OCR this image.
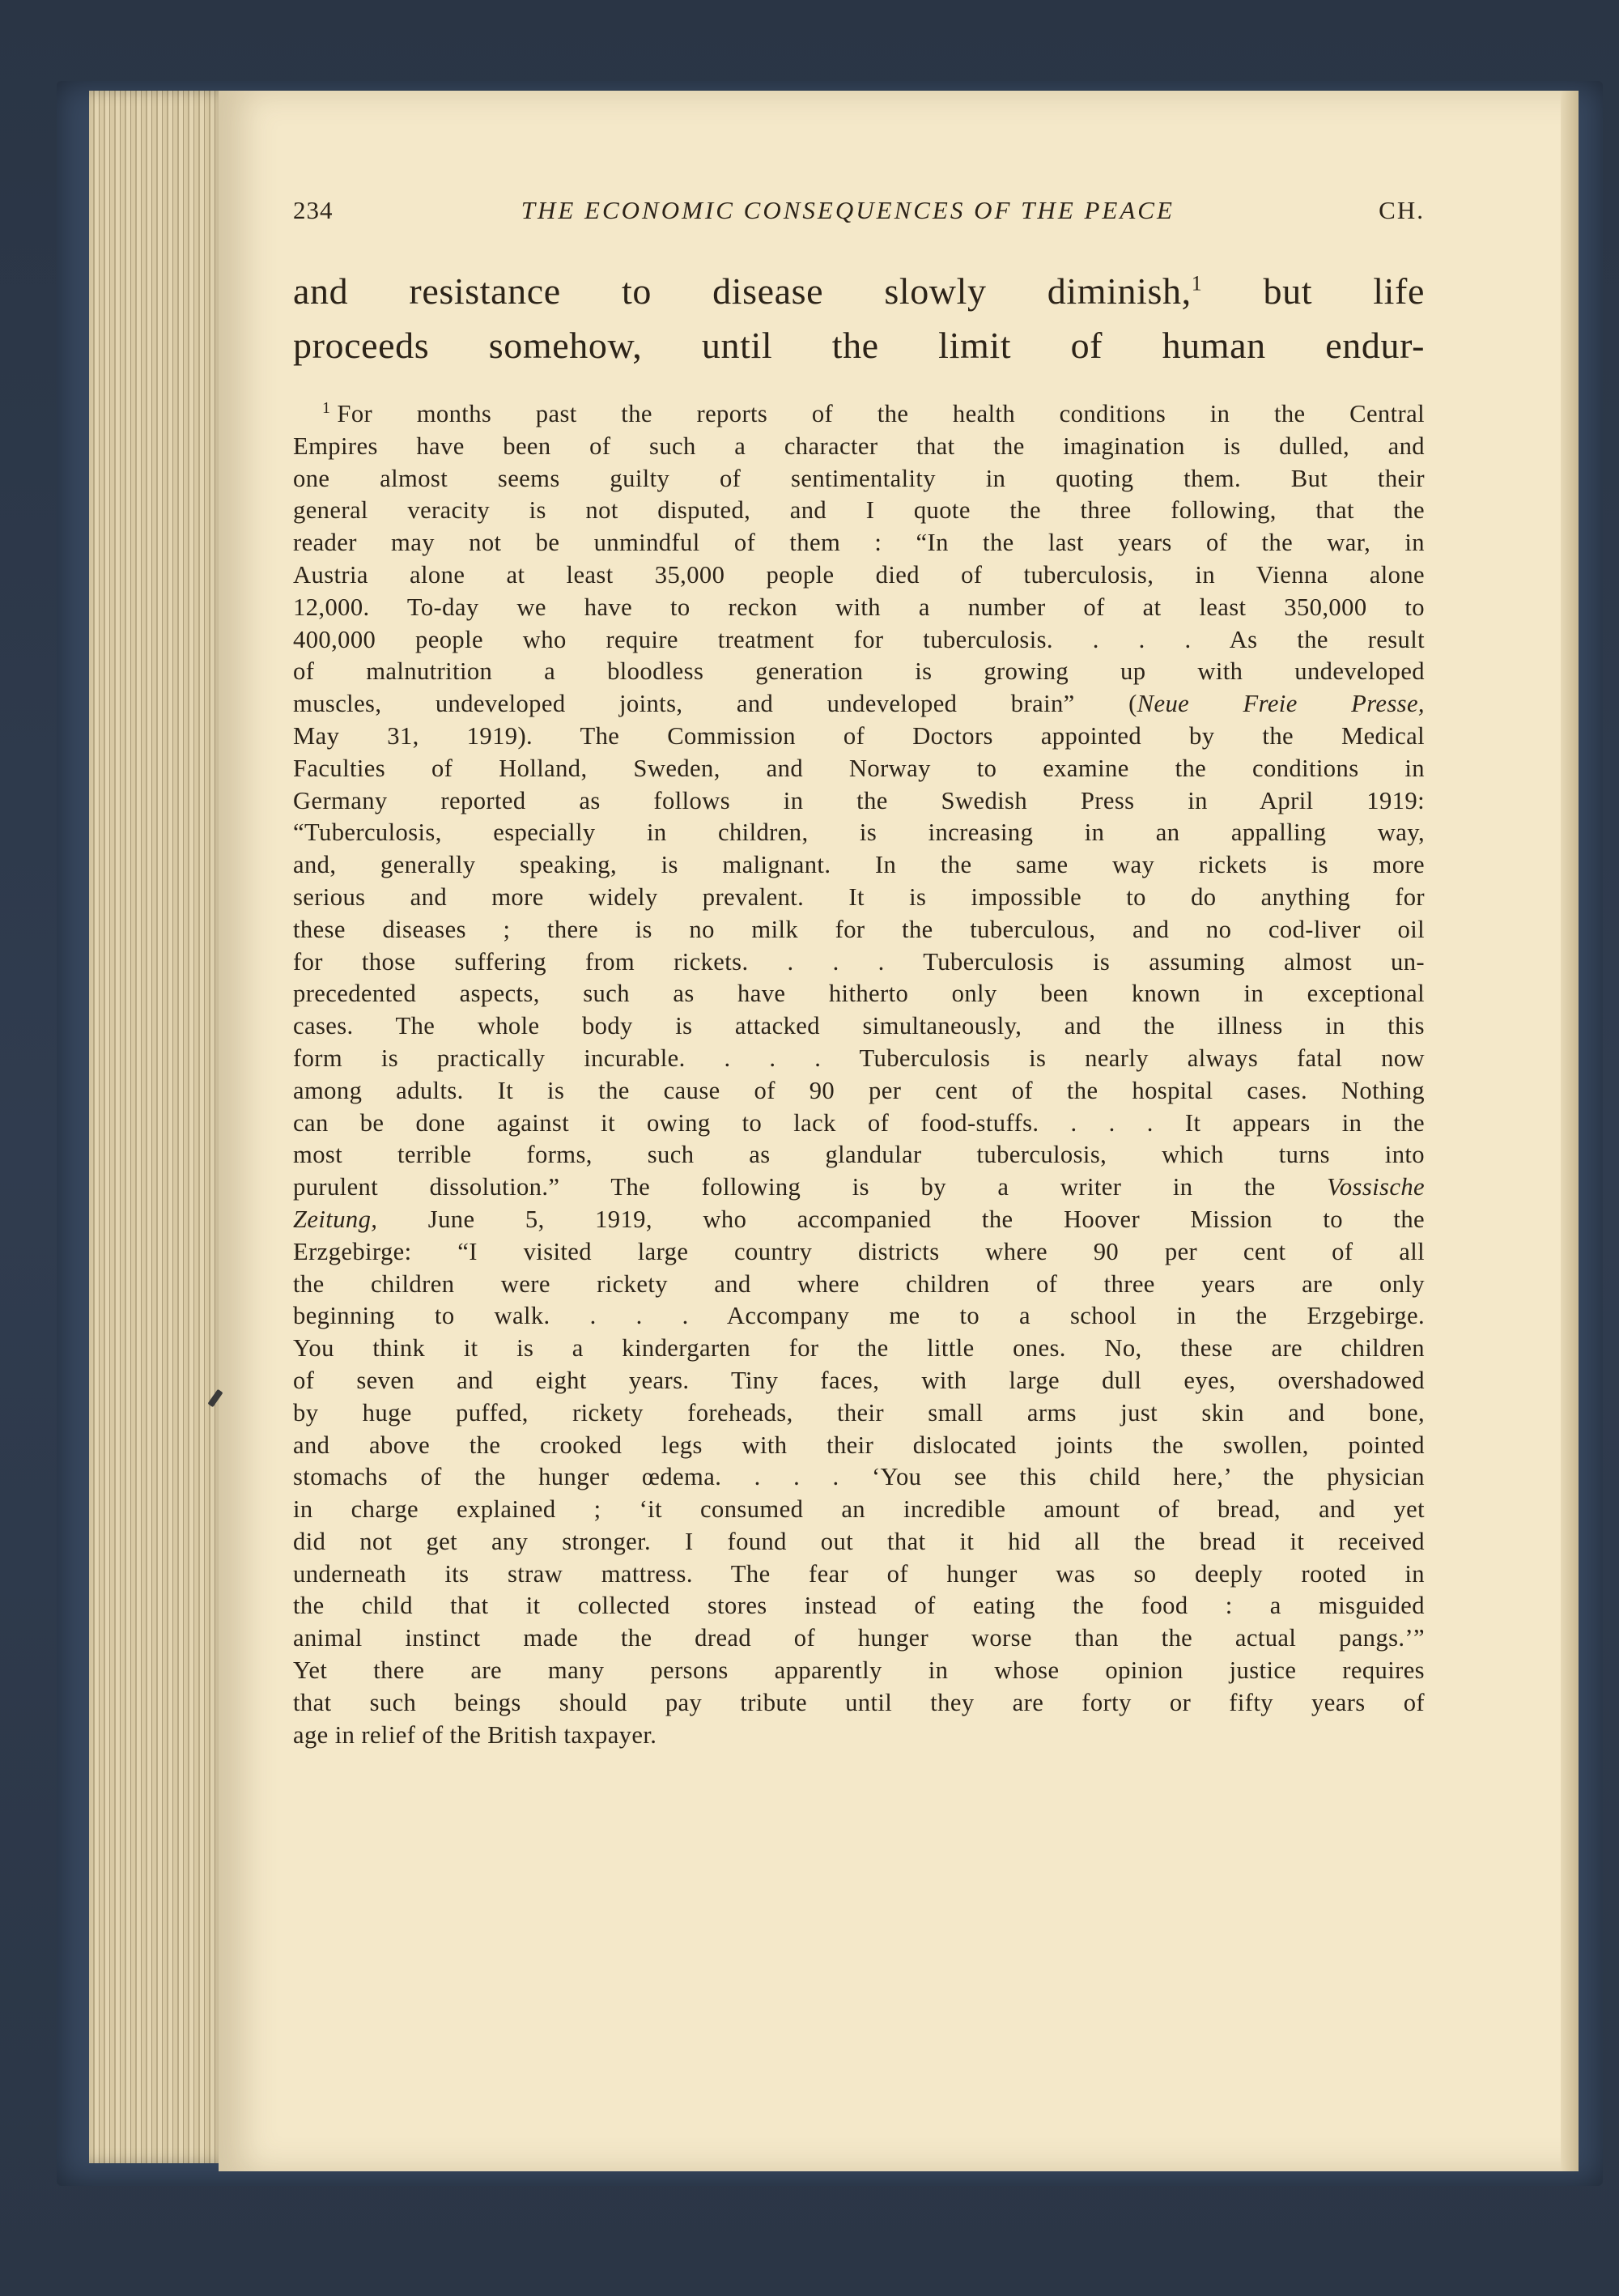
234	THE ECONOMIC CONSEQUENCES OF THE PEACE	CH.
and resistance to disease slowly diminish,$^1$ but life
proceeds somehow, until the limit of human endur-
$^1$ For months past the reports of the health conditions in the Central
Empires have been of such a character that the imagination is dulled, and
one almost seems guilty of sentimentality in quoting them. But their
general veracity is not disputed, and I quote the three following, that the
reader may not be unmindful of them : “In the last years of the war, in
Austria alone at least 35,000 people died of tuberculosis, in Vienna alone
12,000. To-day we have to reckon with a number of at least 350,000 to
400,000 people who require treatment for tuberculosis. . . . As the result
of malnutrition a bloodless generation is growing up with undeveloped
muscles, undeveloped joints, and undeveloped brain” (Neue Freie Presse,
May 31, 1919). The Commission of Doctors appointed by the Medical
Faculties of Holland, Sweden, and Norway to examine the conditions in
Germany reported as follows in the Swedish Press in April 1919:
“Tuberculosis, especially in children, is increasing in an appalling way,
and, generally speaking, is malignant. In the same way rickets is more
serious and more widely prevalent. It is impossible to do anything for
these diseases ; there is no milk for the tuberculous, and no cod-liver oil
for those suffering from rickets. . . . Tuberculosis is assuming almost un-
precedented aspects, such as have hitherto only been known in exceptional
cases. The whole body is attacked simultaneously, and the illness in this
form is practically incurable. . . . Tuberculosis is nearly always fatal now
among adults. It is the cause of 90 per cent of the hospital cases. Nothing
can be done against it owing to lack of food-stuffs. . . . It appears in the
most terrible forms, such as glandular tuberculosis, which turns into
purulent dissolution.” The following is by a writer in the Vossische
Zeitung, June 5, 1919, who accompanied the Hoover Mission to the
Erzgebirge: “I visited large country districts where 90 per cent of all
the children were rickety and where children of three years are only
beginning to walk. . . . Accompany me to a school in the Erzgebirge.
You think it is a kindergarten for the little ones. No, these are children
of seven and eight years. Tiny faces, with large dull eyes, overshadowed
by huge puffed, rickety foreheads, their small arms just skin and bone,
and above the crooked legs with their dislocated joints the swollen, pointed
stomachs of the hunger œdema. . . . ‘You see this child here,’ the physician
in charge explained ; ‘it consumed an incredible amount of bread, and yet
did not get any stronger. I found out that it hid all the bread it received
underneath its straw mattress. The fear of hunger was so deeply rooted in
the child that it collected stores instead of eating the food : a misguided
animal instinct made the dread of hunger worse than the actual pangs.’”
Yet there are many persons apparently in whose opinion justice requires
that such beings should pay tribute until they are forty or fifty years of
age in relief of the British taxpayer.
